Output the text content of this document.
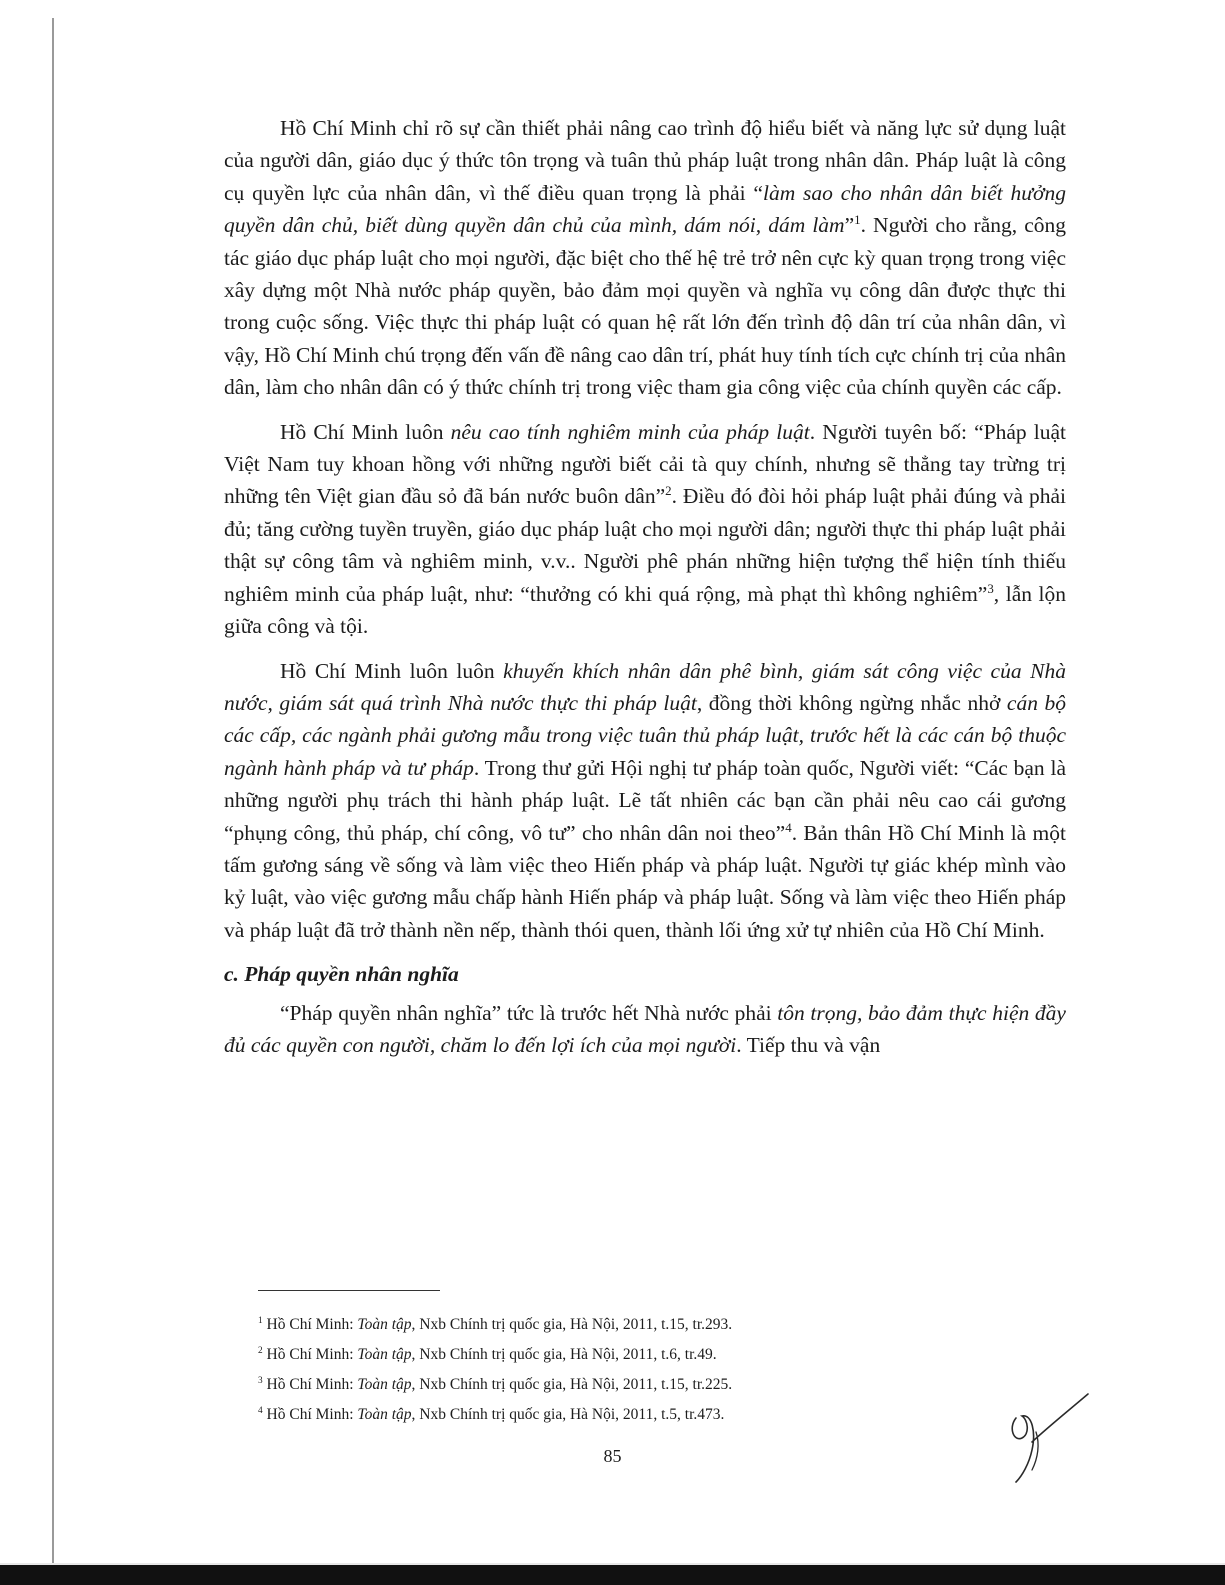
Hồ Chí Minh chỉ rõ sự cần thiết phải nâng cao trình độ hiểu biết và năng lực sử dụng luật của người dân, giáo dục ý thức tôn trọng và tuân thủ pháp luật trong nhân dân. Pháp luật là công cụ quyền lực của nhân dân, vì thế điều quan trọng là phải “làm sao cho nhân dân biết hưởng quyền dân chủ, biết dùng quyền dân chủ của mình, dám nói, dám làm”$^1$. Người cho rằng, công tác giáo dục pháp luật cho mọi người, đặc biệt cho thế hệ trẻ trở nên cực kỳ quan trọng trong việc xây dựng một Nhà nước pháp quyền, bảo đảm mọi quyền và nghĩa vụ công dân được thực thi trong cuộc sống. Việc thực thi pháp luật có quan hệ rất lớn đến trình độ dân trí của nhân dân, vì vậy, Hồ Chí Minh chú trọng đến vấn đề nâng cao dân trí, phát huy tính tích cực chính trị của nhân dân, làm cho nhân dân có ý thức chính trị trong việc tham gia công việc của chính quyền các cấp.

Hồ Chí Minh luôn nêu cao tính nghiêm minh của pháp luật. Người tuyên bố: “Pháp luật Việt Nam tuy khoan hồng với những người biết cải tà quy chính, nhưng sẽ thẳng tay trừng trị những tên Việt gian đầu sỏ đã bán nước buôn dân”$^2$. Điều đó đòi hỏi pháp luật phải đúng và phải đủ; tăng cường tuyền truyền, giáo dục pháp luật cho mọi người dân; người thực thi pháp luật phải thật sự công tâm và nghiêm minh, v.v.. Người phê phán những hiện tượng thể hiện tính thiếu nghiêm minh của pháp luật, như: “thưởng có khi quá rộng, mà phạt thì không nghiêm”$^3$, lẫn lộn giữa công và tội.

Hồ Chí Minh luôn luôn khuyến khích nhân dân phê bình, giám sát công việc của Nhà nước, giám sát quá trình Nhà nước thực thi pháp luật, đồng thời không ngừng nhắc nhở cán bộ các cấp, các ngành phải gương mẫu trong việc tuân thủ pháp luật, trước hết là các cán bộ thuộc ngành hành pháp và tư pháp. Trong thư gửi Hội nghị tư pháp toàn quốc, Người viết: “Các bạn là những người phụ trách thi hành pháp luật. Lẽ tất nhiên các bạn cần phải nêu cao cái gương “phụng công, thủ pháp, chí công, vô tư” cho nhân dân noi theo”$^4$. Bản thân Hồ Chí Minh là một tấm gương sáng về sống và làm việc theo Hiến pháp và pháp luật. Người tự giác khép mình vào kỷ luật, vào việc gương mẫu chấp hành Hiến pháp và pháp luật. Sống và làm việc theo Hiến pháp và pháp luật đã trở thành nền nếp, thành thói quen, thành lối ứng xử tự nhiên của Hồ Chí Minh.

c. Pháp quyền nhân nghĩa

“Pháp quyền nhân nghĩa” tức là trước hết Nhà nước phải tôn trọng, bảo đảm thực hiện đầy đủ các quyền con người, chăm lo đến lợi ích của mọi người. Tiếp thu và vận

$^1$ Hồ Chí Minh: Toàn tập, Nxb Chính trị quốc gia, Hà Nội, 2011, t.15, tr.293.

$^2$ Hồ Chí Minh: Toàn tập, Nxb Chính trị quốc gia, Hà Nội, 2011, t.6, tr.49.

$^3$ Hồ Chí Minh: Toàn tập, Nxb Chính trị quốc gia, Hà Nội, 2011, t.15, tr.225.

$^4$ Hồ Chí Minh: Toàn tập, Nxb Chính trị quốc gia, Hà Nội, 2011, t.5, tr.473.

85
